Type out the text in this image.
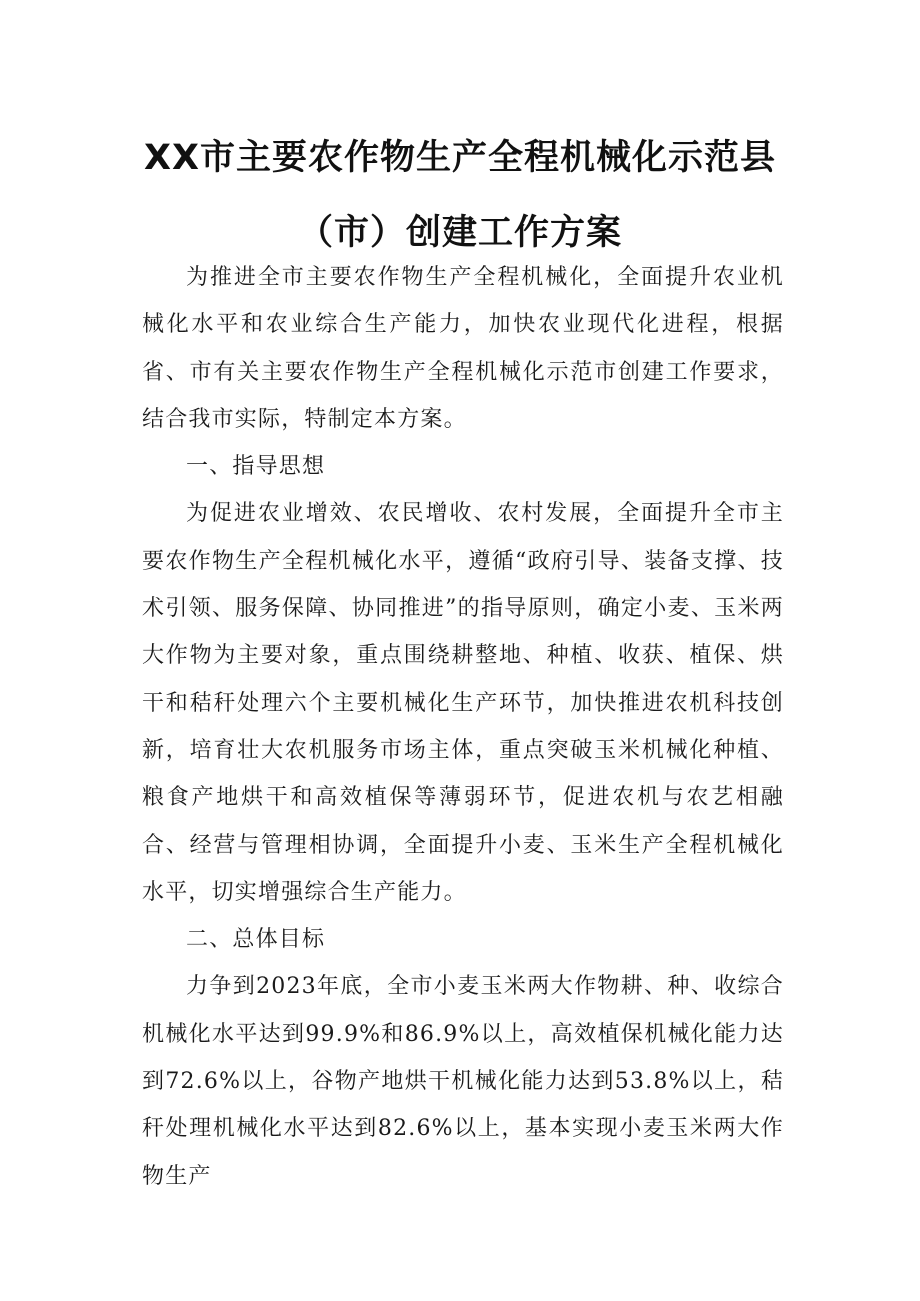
XX市主要农作物生产全程机械化示范县
（市）创建工作方案

为推进全市主要农作物生产全程机械化，全面提升农业机械化水平和农业综合生产能力，加快农业现代化进程，根据省、市有关主要农作物生产全程机械化示范市创建工作要求，结合我市实际，特制定本方案。

一、指导思想

为促进农业增效、农民增收、农村发展，全面提升全市主要农作物生产全程机械化水平，遵循“政府引导、装备支撑、技术引领、服务保障、协同推进”的指导原则，确定小麦、玉米两大作物为主要对象，重点围绕耕整地、种植、收获、植保、烘干和秸秆处理六个主要机械化生产环节，加快推进农机科技创新，培育壮大农机服务市场主体，重点突破玉米机械化种植、粮食产地烘干和高效植保等薄弱环节，促进农机与农艺相融合、经营与管理相协调，全面提升小麦、玉米生产全程机械化水平，切实增强综合生产能力。

二、总体目标

力争到2023年底，全市小麦玉米两大作物耕、种、收综合机械化水平达到99.9%和86.9%以上，高效植保机械化能力达到72.6%以上，谷物产地烘干机械化能力达到53.8%以上，秸秆处理机械化水平达到82.6%以上，基本实现小麦玉米两大作物生产
